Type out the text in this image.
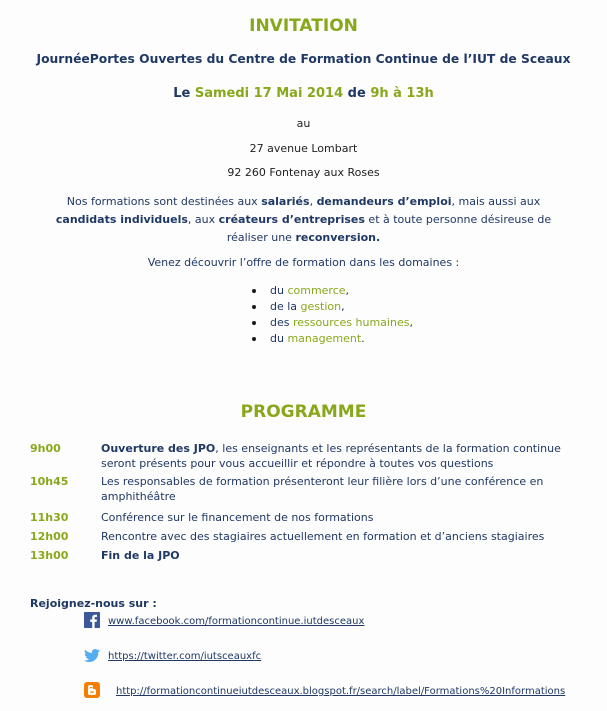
INVITATION
JournéePortes Ouvertes du Centre de Formation Continue de l’IUT de Sceaux
Le Samedi 17 Mai 2014 de 9h à 13h
au
27 avenue Lombart
92 260 Fontenay aux Roses
Nos formations sont destinées aux salariés, demandeurs d’emploi, mais aussi aux candidats individuels, aux créateurs d’entreprises et à toute personne désireuse de réaliser une reconversion.
Venez découvrir l’offre de formation dans les domaines :
du commerce,
de la gestion,
des ressources humaines,
du management.
PROGRAMME
9h00	Ouverture des JPO, les enseignants et les représentants de la formation continue seront présents pour vous accueillir et répondre à toutes vos questions
10h45	Les responsables de formation présenteront leur filière lors d’une conférence en amphithéâtre
11h30	Conférence sur le financement de nos formations
12h00	Rencontre avec des stagiaires actuellement en formation et d’anciens stagiaires
13h00	Fin de la JPO
Rejoignez-nous sur :
www.facebook.com/formationcontinue.iutdesceaux
https://twitter.com/iutsceauxfc
http://formationcontinueiutdesceaux.blogspot.fr/search/label/Formations%20Informations
